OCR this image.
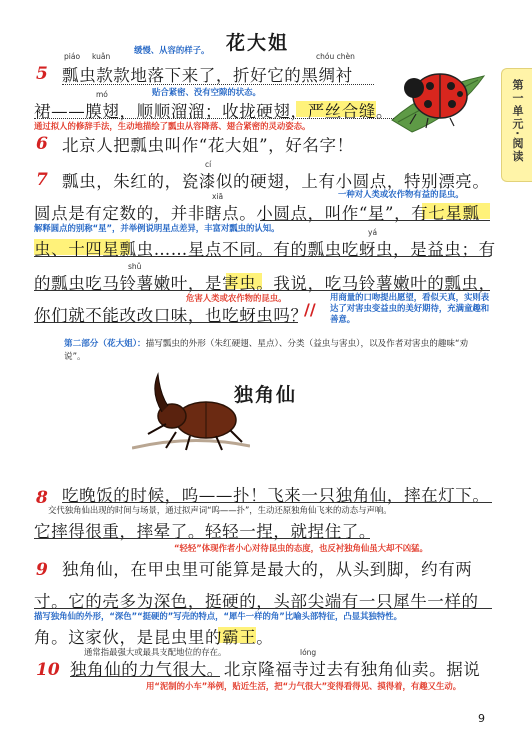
第一单元·阅读
花大姐
缓慢、从容的样子。
piáo kuǎn	chóu chèn
5 瓢虫款款地落下来了，折好它的黑绸衬
贴合紧密、没有空隙的状态。
mó
裙——膜翅，顺顺溜溜；收拢硬翅，严丝合缝。
通过拟人的修辞手法，生动地描绘了瓢虫从容降落、翅合紧密的灵动姿态。
6 北京人把瓢虫叫作“花大姐”，好名字！
cí
7 瓢虫，朱红的，瓷漆似的硬翅，上有小圆点，特别漂亮。
一种对人类或农作物有益的昆虫。
xiā
圆点是有定数的，并非瞎点。小圆点，叫作“星”，有七星瓢
解释圆点的别称“星”，并举例说明星点差异，丰富对瓢虫的认知。	yá
虫、十四星瓢虫……星点不同。有的瓢虫吃蚜虫，是益虫；有
shǔ
的瓢虫吃马铃薯嫩叶，是害虫。我说，吃马铃薯嫩叶的瓢虫，
危害人类或农作物的昆虫。
你们就不能改改口味，也吃蚜虫吗？
//
用商量的口吻提出愿望，看似天真，实则表达了对害虫变益虫的美好期待，充满童趣和善意。
第二部分（花大姐）：描写瓢虫的外形（朱红硬翅、星点）、分类（益虫与害虫），以及作者对害虫的趣味“劝说”。
独角仙
8 吃晚饭的时候，呜——扑！飞来一只独角仙，摔在灯下。
交代独角仙出现的时间与场景，通过拟声词“呜——扑”，生动还原独角仙飞来的动态与声响。
它摔得很重，摔晕了。轻轻一捏，就捏住了。
“轻轻”体现作者小心对待昆虫的态度，也反衬独角仙虽大却不凶猛。
9 独角仙，在甲虫里可能算是最大的，从头到脚，约有两
寸。它的壳多为深色，挺硬的，头部尖端有一只犀牛一样的
描写独角仙的外形，“深色”“挺硬的”写壳的特点，“犀牛一样的角”比喻头部特征，凸显其独特性。
角。这家伙，是昆虫里的霸王。
通常指最强大或最具支配地位的存在。	lóng
10 独角仙的力气很大。北京隆福寺过去有独角仙卖。据说
用“泥制的小车”举例，贴近生活，把“力气很大”变得看得见、摸得着，有趣又生动。
9
